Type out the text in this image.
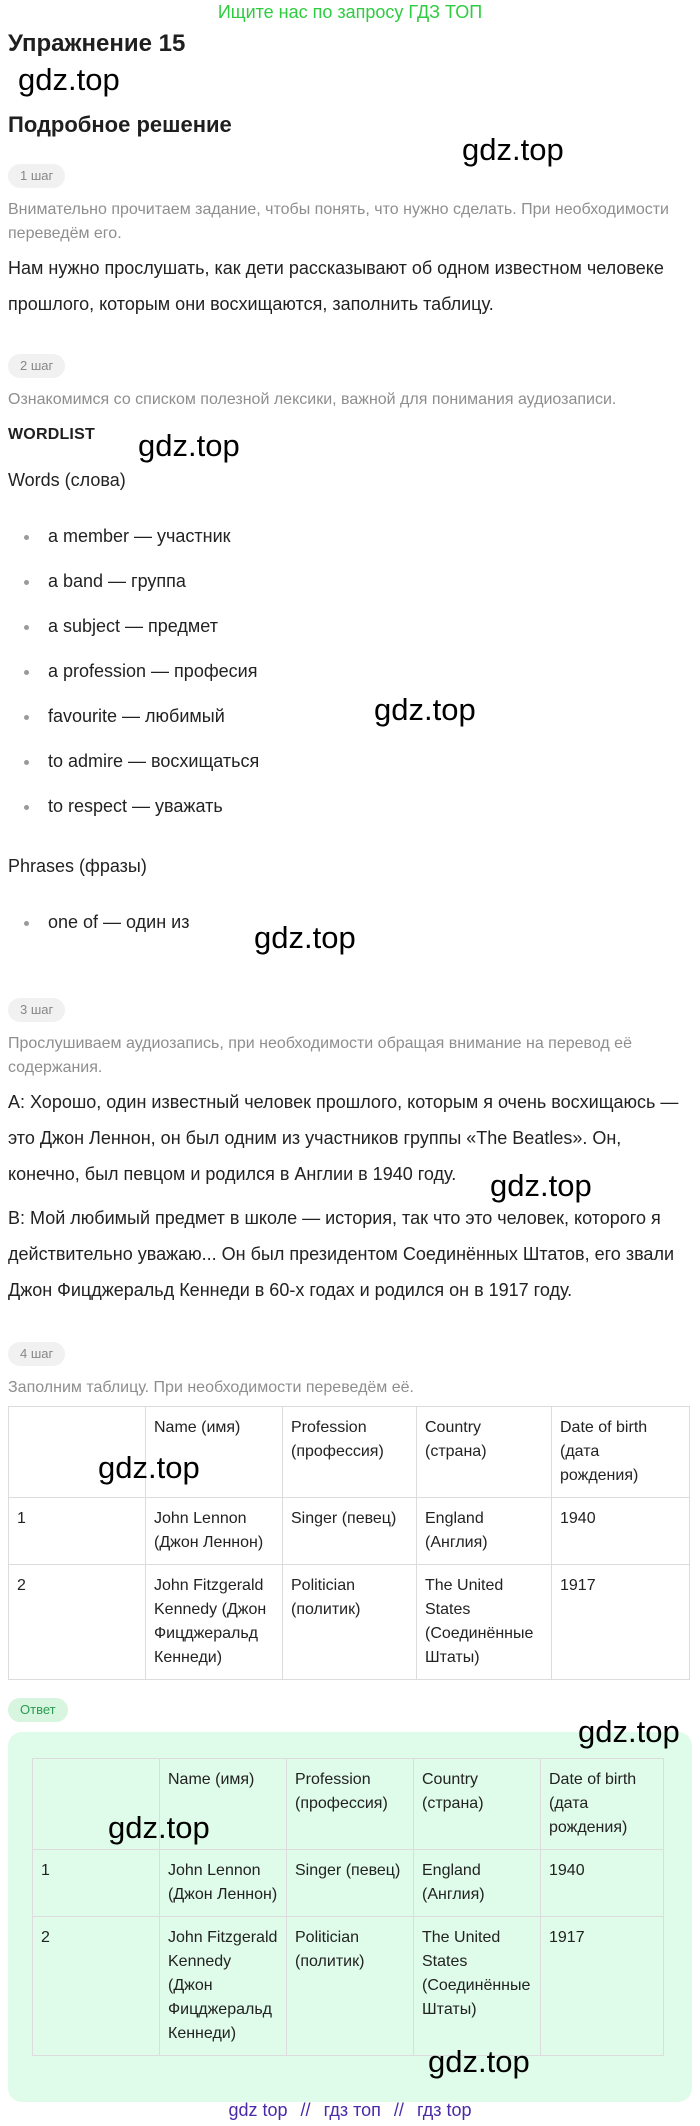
Ищите нас по запросу ГДЗ ТОП
Упражнение 15
gdz.top
Подробное решение
gdz.top
1 шаг
Внимательно прочитаем задание, чтобы понять, что нужно сделать. При необходимости переведём его.
Нам нужно прослушать, как дети рассказывают об одном известном человеке прошлого, которым они восхищаются, заполнить таблицу.
2 шаг
Ознакомимся со списком полезной лексики, важной для понимания аудиозаписи.
WORDLIST gdz.top
Words (слова)
a member — участник
a band — группа
a subject — предмет
a profession — професия
favourite — любимый
to admire — восхищаться
to respect — уважать
gdz.top
Phrases (фразы)
one of — один из gdz.top
3 шаг
Прослушиваем аудиозапись, при необходимости обращая внимание на перевод её содержания.
A: Хорошо, один известный человек прошлого, которым я очень восхищаюсь — это Джон Леннон, он был одним из участников группы «The Beatles». Он, конечно, был певцом и родился в Англии в 1940 году.	gdz.top
B: Мой любимый предмет в школе — история, так что это человек, которого я действительно уважаю... Он был президентом Соединённых Штатов, его звали Джон Фицджеральд Кеннеди в 60-х годах и родился он в 1917 году.
4 шаг
Заполним таблицу. При необходимости переведём её.
	Name (имя)	Profession (профессия)	Country (страна)	Date of birth (дата рождения)
1	John Lennon (Джон Леннон)	Singer (певец)	England (Англия)	1940
2	John Fitzgerald Kennedy (Джон Фицджеральд Кеннеди)	Politician (политик)	The United States (Соединённые Штаты)	1917
gdz.top
Ответ
gdz.top
	Name (имя)	Profession (профессия)	Country (страна)	Date of birth (дата рождения)
1	John Lennon (Джон Леннон)	Singer (певец)	England (Англия)	1940
2	John Fitzgerald Kennedy (Джон Фицджеральд Кеннеди)	Politician (политик)	The United States (Соединённые Штаты)	1917
gdz.top
gdz.top
gdz top // гдз топ // гдз top
